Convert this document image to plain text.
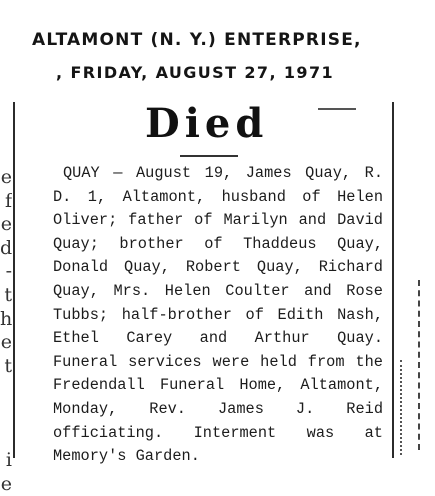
ALTAMONT (N. Y.) ENTERPRISE,
, FRIDAY, AUGUST 27, 1971
e
f
e
d
-
t
h
e
t
i
e
Died
QUAY — August 19, James Quay, R. D. 1, Altamont, husband of Helen Oliver; father of Marilyn and David Quay; brother of Thaddeus Quay, Donald Quay, Robert Quay, Richard Quay, Mrs. Helen Coulter and Rose Tubbs; half-brother of Edith Nash, Ethel Carey and Arthur Quay. Funeral services were held from the Fredendall Funeral Home, Altamont, Monday, Rev. James J. Reid officiating. Interment was at Memory's Garden.
